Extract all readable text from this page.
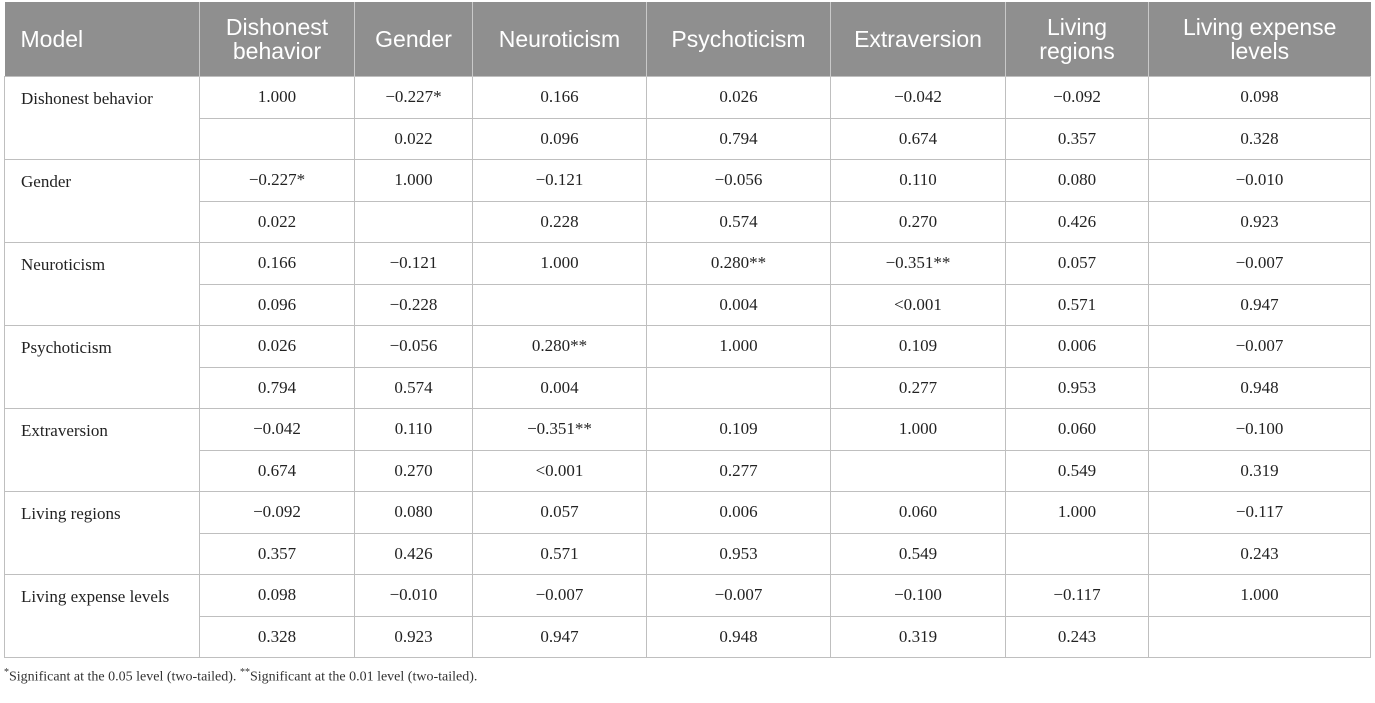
Model	Dishonest behavior	Gender	Neuroticism	Psychoticism	Extraversion	Living regions	Living expense levels
Dishonest behavior	1.000	−0.227*	0.166	0.026	−0.042	−0.092	0.098
		0.022	0.096	0.794	0.674	0.357	0.328
Gender	−0.227*	1.000	−0.121	−0.056	0.110	0.080	−0.010
	0.022		0.228	0.574	0.270	0.426	0.923
Neuroticism	0.166	−0.121	1.000	0.280**	−0.351**	0.057	−0.007
	0.096	−0.228		0.004	<0.001	0.571	0.947
Psychoticism	0.026	−0.056	0.280**	1.000	0.109	0.006	−0.007
	0.794	0.574	0.004		0.277	0.953	0.948
Extraversion	−0.042	0.110	−0.351**	0.109	1.000	0.060	−0.100
	0.674	0.270	<0.001	0.277		0.549	0.319
Living regions	−0.092	0.080	0.057	0.006	0.060	1.000	−0.117
	0.357	0.426	0.571	0.953	0.549		0.243
Living expense levels	0.098	−0.010	−0.007	−0.007	−0.100	−0.117	1.000
	0.328	0.923	0.947	0.948	0.319	0.243	
*Significant at the 0.05 level (two-tailed). **Significant at the 0.01 level (two-tailed).
